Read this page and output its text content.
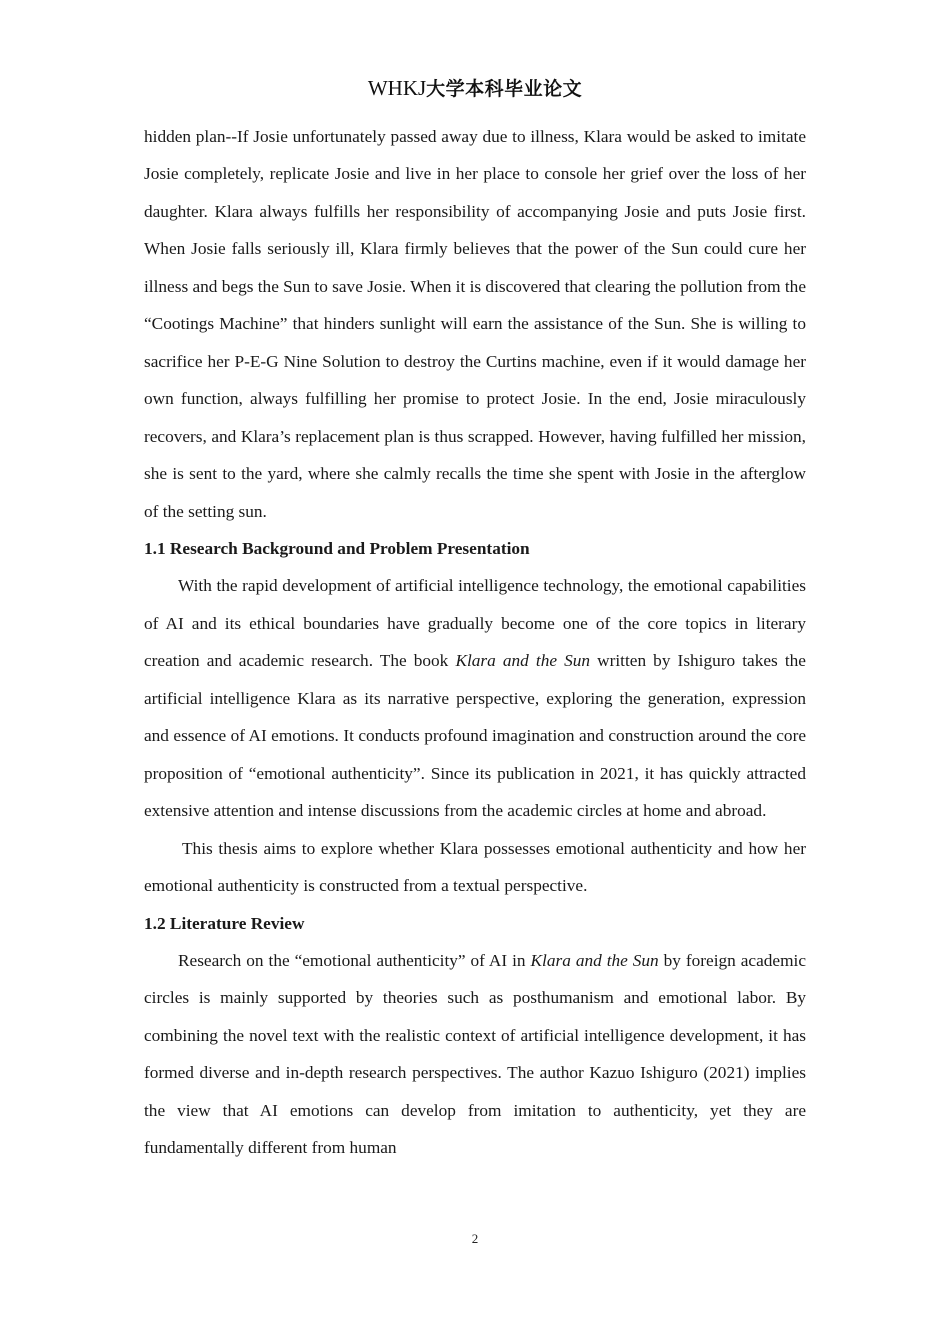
WHKJ大学本科毕业论文

hidden plan--If Josie unfortunately passed away due to illness, Klara would be asked to imitate Josie completely, replicate Josie and live in her place to console her grief over the loss of her daughter. Klara always fulfills her responsibility of accompanying Josie and puts Josie first. When Josie falls seriously ill, Klara firmly believes that the power of the Sun could cure her illness and begs the Sun to save Josie. When it is discovered that clearing the pollution from the “Cootings Machine” that hinders sunlight will earn the assistance of the Sun. She is willing to sacrifice her P-E-G Nine Solution to destroy the Curtins machine, even if it would damage her own function, always fulfilling her promise to protect Josie. In the end, Josie miraculously recovers, and Klara’s replacement plan is thus scrapped. However, having fulfilled her mission, she is sent to the yard, where she calmly recalls the time she spent with Josie in the afterglow of the setting sun.

1.1 Research Background and Problem Presentation

With the rapid development of artificial intelligence technology, the emotional capabilities of AI and its ethical boundaries have gradually become one of the core topics in literary creation and academic research. The book Klara and the Sun written by Ishiguro takes the artificial intelligence Klara as its narrative perspective, exploring the generation, expression and essence of AI emotions. It conducts profound imagination and construction around the core proposition of “emotional authenticity”. Since its publication in 2021, it has quickly attracted extensive attention and intense discussions from the academic circles at home and abroad.

This thesis aims to explore whether Klara possesses emotional authenticity and how her emotional authenticity is constructed from a textual perspective.

1.2 Literature Review

Research on the “emotional authenticity” of AI in Klara and the Sun by foreign academic circles is mainly supported by theories such as posthumanism and emotional labor. By combining the novel text with the realistic context of artificial intelligence development, it has formed diverse and in-depth research perspectives. The author Kazuo Ishiguro (2021) implies the view that AI emotions can develop from imitation to authenticity, yet they are fundamentally different from human

2
